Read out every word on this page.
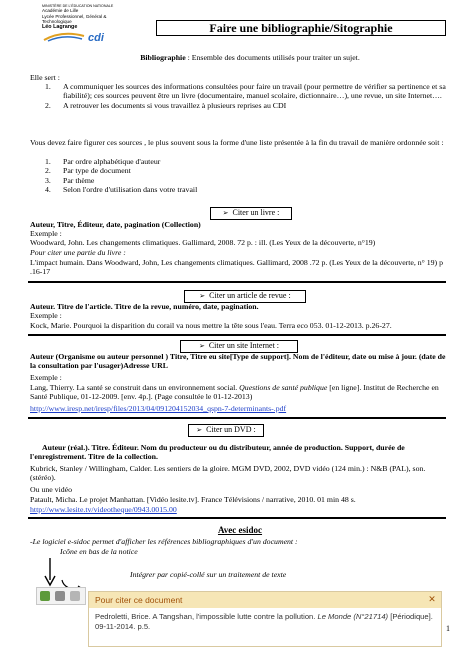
MINISTÈRE DE L'ÉDUCATION NATIONALE
Académie de Lille
Lycée Professionnel, Général & Technologique
Léo Lagrange
cdi
Faire une bibliographie/Sitographie
Bibliographie : Ensemble des documents utilisés pour traiter un sujet.
Elle sert :
1. A communiquer les sources des informations consultées pour faire un travail (pour permettre de vérifier sa pertinence et sa fiabilité); ces sources peuvent être un livre (documentaire, manuel scolaire, dictionnaire…), une revue, un site Internet….
2. A retrouver les documents si vous travaillez à plusieurs reprises au CDI
Vous devez faire figurer ces sources , le plus souvent sous la forme d'une liste présentée à la fin du travail de manière ordonnée soit :
1. Par ordre alphabétique d'auteur
2. Par type de document
3. Par thème
4. Selon l'ordre d'utilisation dans votre travail
➢ Citer un livre :
Auteur, Titre, Éditeur, date, pagination (Collection)
Exemple :
Woodward, John. Les changements climatiques. Gallimard, 2008. 72 p. : ill. (Les Yeux de la découverte, n°19)
Pour citer une partie du livre :
L'impact humain. Dans Woodward, John, Les changements climatiques. Gallimard, 2008 .72 p. (Les Yeux de la découverte, n° 19) p .16-17
➢ Citer un article de revue :
Auteur. Titre de l'article. Titre de la revue, numéro, date, pagination.
Exemple :
Kock, Marie. Pourquoi la disparition du corail va nous mettre la tête sous l'eau. Terra eco 053. 01-12-2013. p.26-27.
➢ Citer un site Internet :
Auteur (Organisme ou auteur personnel ) Titre, Titre eu site[Type de support]. Nom de l'éditeur, date ou mise à jour. (date de la consultation par l'usager)Adresse URL
Exemple :
Lang, Thierry. La santé se construit dans un environnement social. Questions de santé publique [en ligne]. Institut de Recherche en Santé Publique, 01-12-2009. [env. 4p.]. (Page consultée le 01-12-2013)
http://www.iresp.net/iresp/files/2013/04/091204152034_qspn-7-determinants-.pdf
➢ Citer un DVD :
Auteur (réal.). Titre. Éditeur. Nom du producteur ou du distributeur, année de production. Support, durée de l'enregistrement. Titre de la collection.
Kubrick, Stanley / Willingham, Calder. Les sentiers de la gloire. MGM DVD, 2002, DVD vidéo (124 min.) : N&B (PAL), son. (stéréo).
Ou une vidéo
Patault, Micha. Le projet Manhattan. [Vidéo lesite.tv]. France Télévisions / narrative, 2010. 01 min 48 s.
http://www.lesite.tv/videotheque/0943.0015.00
Avec esidoc
-Le logiciel e-sidoc permet d'afficher les références bibliographiques d'un document :
Icône en bas de la notice
Intégrer par copié-collé sur un traitement de texte
Pour citer ce document	✕
Pedroletti, Brice. A Tangshan, l'impossible lutte contre la pollution. Le Monde (N°21714) [Périodique]. 09-11-2014. p.5.	1
